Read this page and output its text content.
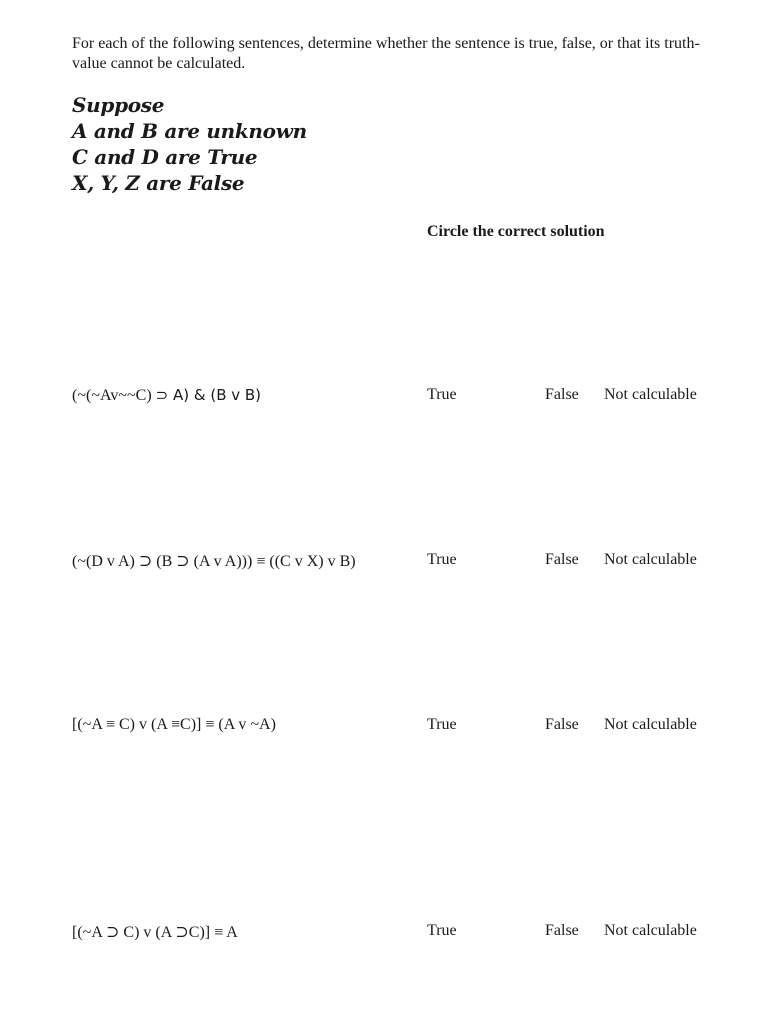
For each of the following sentences, determine whether the sentence is true, false, or that its truth-value cannot be calculated.
Suppose
A and B are unknown
C and D are True
X, Y, Z are False
Circle the correct solution
(~(~Av~~C) ⊃ A) & (B v B)	True	False Not calculable
(~(D v A) ⊃ (B ⊃ (A v A))) ≡ ((C v X) v B)	True	False Not calculable
[(~A ≡ C) v (A ≡C)] ≡ (A v ~A)	True	False Not calculable
[(~A ⊃ C) v (A ⊃C)] ≡ A	True	False Not calculable
